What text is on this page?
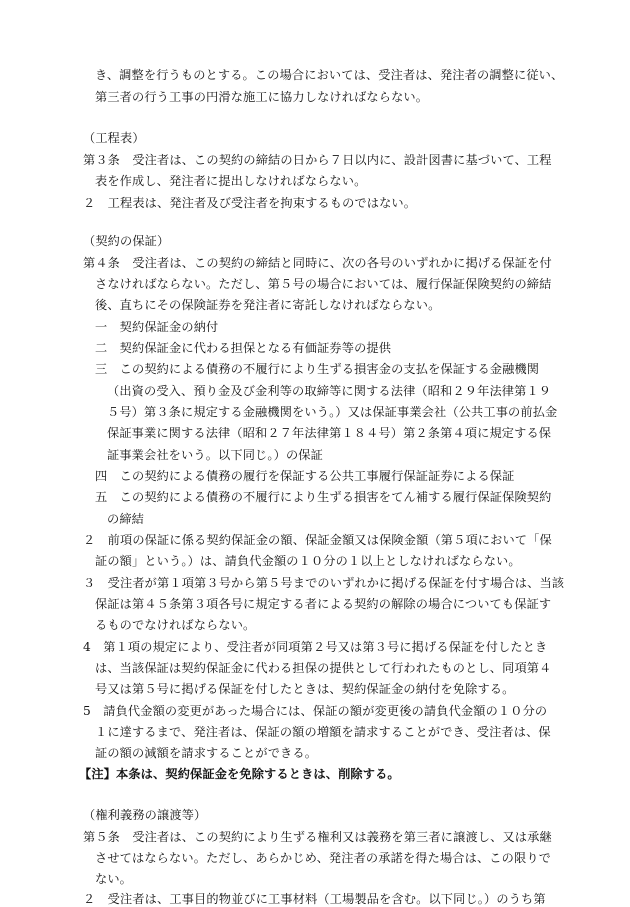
き、調整を行うものとする。この場合においては、受注者は、発注者の調整に従い、
第三者の行う工事の円滑な施工に協力しなければならない。
（工程表）
第３条　受注者は、この契約の締結の日から７日以内に、設計図書に基づいて、工程
表を作成し、発注者に提出しなければならない。
２　工程表は、発注者及び受注者を拘束するものではない。
（契約の保証）
第４条　受注者は、この契約の締結と同時に、次の各号のいずれかに掲げる保証を付
さなければならない。ただし、第５号の場合においては、履行保証保険契約の締結
後、直ちにその保険証券を発注者に寄託しなければならない。
一　契約保証金の納付
二　契約保証金に代わる担保となる有価証券等の提供
三　この契約による債務の不履行により生ずる損害金の支払を保証する金融機関
（出資の受入、預り金及び金利等の取締等に関する法律（昭和２９年法律第１９
５号）第３条に規定する金融機関をいう。）又は保証事業会社（公共工事の前払金
保証事業に関する法律（昭和２７年法律第１８４号）第２条第４項に規定する保
証事業会社をいう。以下同じ。）の保証
四　この契約による債務の履行を保証する公共工事履行保証証券による保証
五　この契約による債務の不履行により生ずる損害をてん補する履行保証保険契約
の締結
２　前項の保証に係る契約保証金の額、保証金額又は保険金額（第５項において「保
証の額」という。）は、請負代金額の１０分の１以上としなければならない。
３　受注者が第１項第３号から第５号までのいずれかに掲げる保証を付す場合は、当該
保証は第４５条第３項各号に規定する者による契約の解除の場合についても保証す
るものでなければならない。
4　第１項の規定により、受注者が同項第２号又は第３号に掲げる保証を付したとき
は、当該保証は契約保証金に代わる担保の提供として行われたものとし、同項第４
号又は第５号に掲げる保証を付したときは、契約保証金の納付を免除する。
5　請負代金額の変更があった場合には、保証の額が変更後の請負代金額の１０分の
１に達するまで、発注者は、保証の額の増額を請求することができ、受注者は、保
証の額の減額を請求することができる。
【注】本条は、契約保証金を免除するときは、削除する。
（権利義務の譲渡等）
第５条　受注者は、この契約により生ずる権利又は義務を第三者に譲渡し、又は承継
させてはならない。ただし、あらかじめ、発注者の承諾を得た場合は、この限りで
ない。
２　受注者は、工事目的物並びに工事材料（工場製品を含む。以下同じ。）のうち第
